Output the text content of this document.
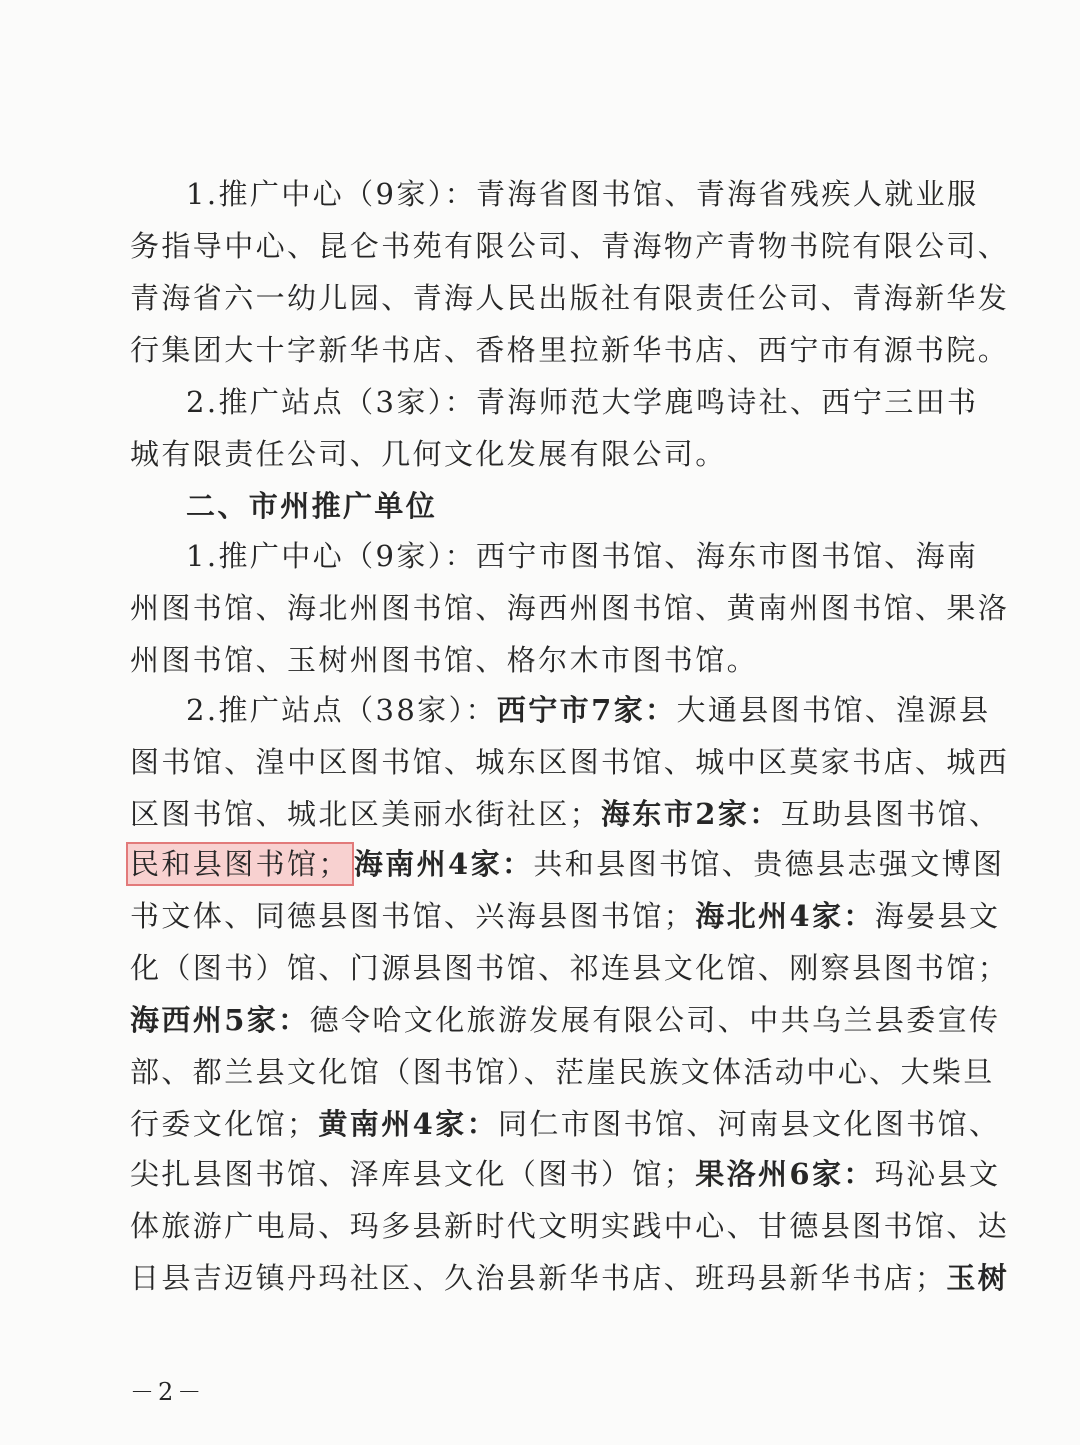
1.推广中心（9家）：青海省图书馆、青海省残疾人就业服
务指导中心、昆仑书苑有限公司、青海物产青物书院有限公司、
青海省六一幼儿园、青海人民出版社有限责任公司、青海新华发
行集团大十字新华书店、香格里拉新华书店、西宁市有源书院。
2.推广站点（3家）：青海师范大学鹿鸣诗社、西宁三田书
城有限责任公司、几何文化发展有限公司。
二、市州推广单位
1.推广中心（9家）：西宁市图书馆、海东市图书馆、海南
州图书馆、海北州图书馆、海西州图书馆、黄南州图书馆、果洛
州图书馆、玉树州图书馆、格尔木市图书馆。
2.推广站点（38家）：西宁市7家：大通县图书馆、湟源县
图书馆、湟中区图书馆、城东区图书馆、城中区莫家书店、城西
区图书馆、城北区美丽水街社区；海东市2家：互助县图书馆、
民和县图书馆； 海南州4家：共和县图书馆、贵德县志强文博图
书文体、同德县图书馆、兴海县图书馆；海北州4家：海晏县文
化（图书）馆、门源县图书馆、祁连县文化馆、刚察县图书馆；
海西州5家：德令哈文化旅游发展有限公司、中共乌兰县委宣传
部、都兰县文化馆（图书馆）、茫崖民族文体活动中心、大柴旦
行委文化馆；黄南州4家：同仁市图书馆、河南县文化图书馆、
尖扎县图书馆、泽库县文化（图书）馆；果洛州6家：玛沁县文
体旅游广电局、玛多县新时代文明实践中心、甘德县图书馆、达
日县吉迈镇丹玛社区、久治县新华书店、班玛县新华书店；玉树
－2－
